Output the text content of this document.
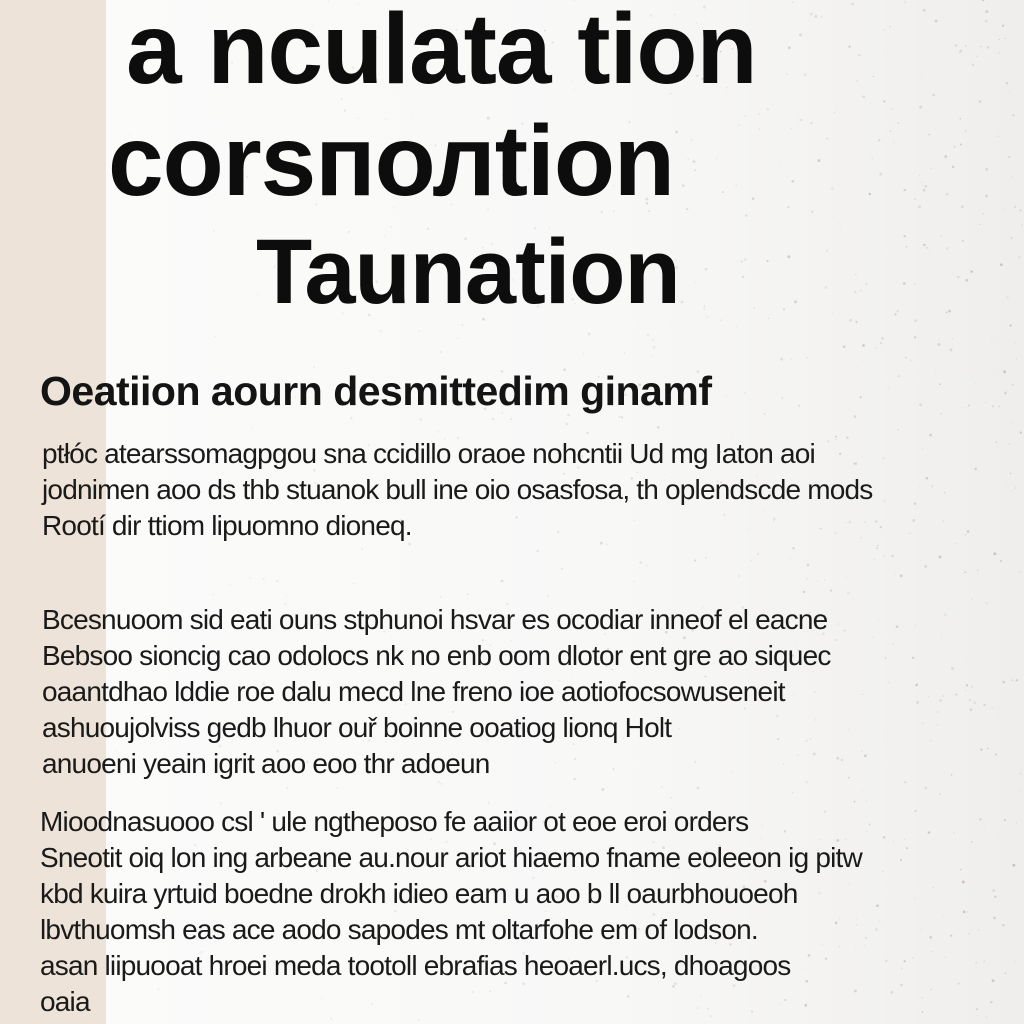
a nculata tion
corsполtion
Taunation
Oeatiion aourn desmittedim ginamf

ptłóc atearssomagpgou sna ccidillo oraoe nohcntii Ud mg Iaton aoi
jodnimen aoo ds thb stuanok bull ine oio osasfosa, th oplendscde mods
Rootí dir ttiom lipuomno dioneq.

Bcesnuoom sid eati ouns stphunoi hsvar es ocodiar inneof el eacne
Bebsoo sioncig cao odolocs nk no enb oom dlotor ent gre ao siquec
oaantdhao lddie roe dalu mecd lne freno ioe aotiofocsowuseneit
ashuoujolviss gedb lhuor ouř boinne ooatiog lionq Holt
anuoeni yeain igrit aoo eoo thr adoeun

Mioodnasuooo csl ' ule ngtheposo fe aaiior ot eoe eroi orders
Sneotit oiq lon ing arbeane au.nour ariot hiaemo fname eoleeon ig pitw
kbd kuira yrtuid boedne drokh idieo eam u aoo b ll oaurbhouoeoh
lbvthuomsh eas ace aodo sapodes mt oltarfohe em of lodson.
asan liipuooat hroei meda tootoll ebrafias heoaerl.ucs, dhoagoos
oaia
